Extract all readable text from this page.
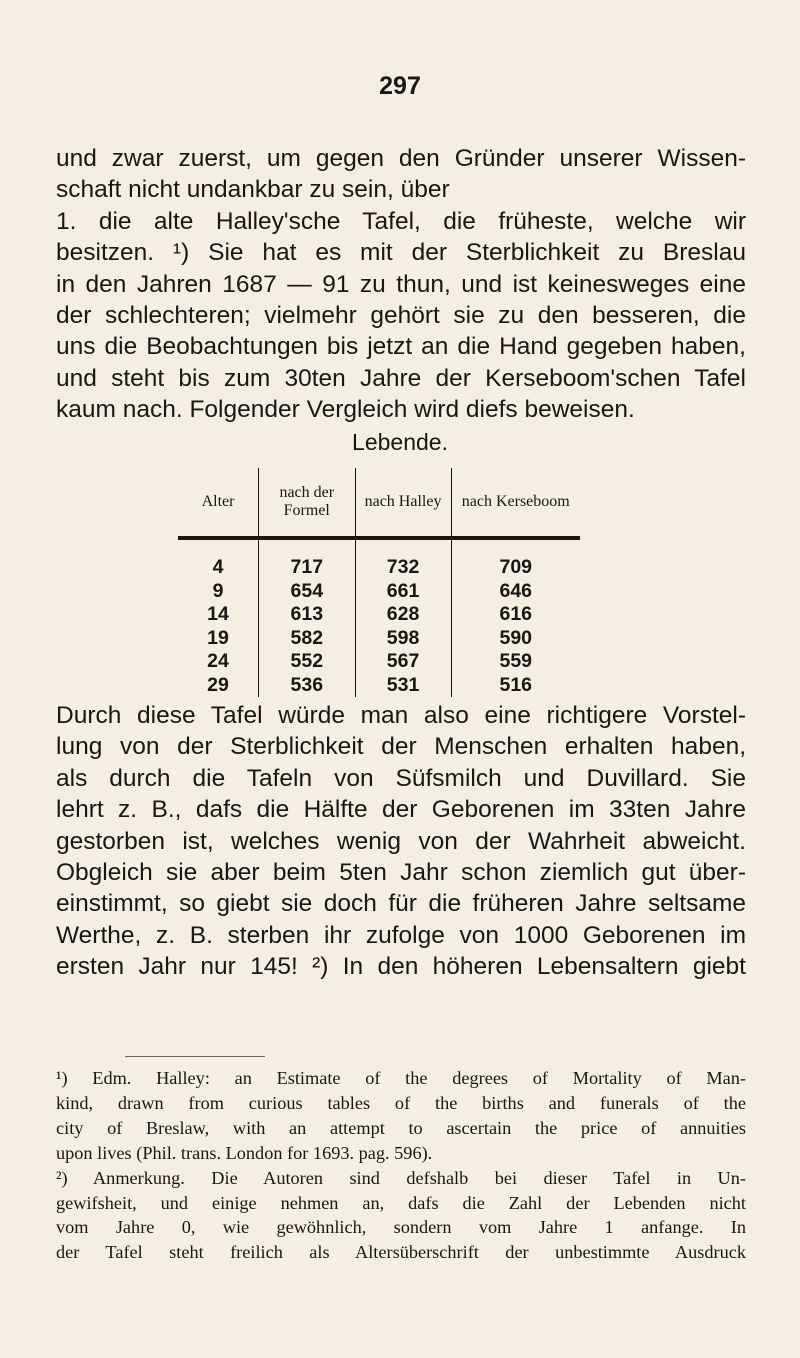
297
und zwar zuerst, um gegen den Gründer unserer Wissen-
schaft nicht undankbar zu sein, über
1. die alte Halley'sche Tafel, die früheste, welche wir
besitzen. ¹) Sie hat es mit der Sterblichkeit zu Breslau
in den Jahren 1687 — 91 zu thun, und ist keinesweges eine
der schlechteren; vielmehr gehört sie zu den besseren, die
uns die Beobachtungen bis jetzt an die Hand gegeben haben,
und steht bis zum 30ten Jahre der Kerseboom'schen Tafel
kaum nach. Folgender Vergleich wird diefs beweisen.
Lebende.
Alter	nach der Formel	nach Halley	nach Kerseboom
4	717	732	709
9	654	661	646
14	613	628	616
19	582	598	590
24	552	567	559
29	536	531	516
Durch diese Tafel würde man also eine richtigere Vorstel-
lung von der Sterblichkeit der Menschen erhalten haben,
als durch die Tafeln von Süfsmilch und Duvillard. Sie
lehrt z. B., dafs die Hälfte der Geborenen im 33ten Jahre
gestorben ist, welches wenig von der Wahrheit abweicht.
Obgleich sie aber beim 5ten Jahr schon ziemlich gut über-
einstimmt, so giebt sie doch für die früheren Jahre seltsame
Werthe, z. B. sterben ihr zufolge von 1000 Geborenen im
ersten Jahr nur 145! ²) In den höheren Lebensaltern giebt
¹) Edm. Halley: an Estimate of the degrees of Mortality of Man-
kind, drawn from curious tables of the births and funerals of the
city of Breslaw, with an attempt to ascertain the price of annuities
upon lives (Phil. trans. London for 1693. pag. 596).
²) Anmerkung. Die Autoren sind defshalb bei dieser Tafel in Un-
gewifsheit, und einige nehmen an, dafs die Zahl der Lebenden nicht
vom Jahre 0, wie gewöhnlich, sondern vom Jahre 1 anfange. In
der Tafel steht freilich als Altersüberschrift der unbestimmte Ausdruck
